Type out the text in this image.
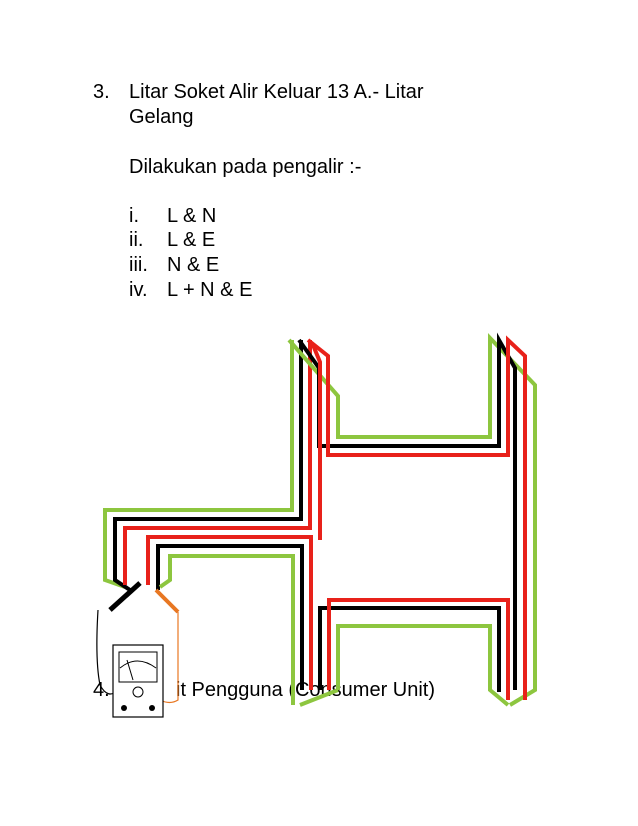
3. Litar Soket Alir Keluar 13 A.- Litar
Gelang
Dilakukan pada pengalir :-
i. L & N
ii. L & E
iii. N & E
iv. L + N & E
4.	it Pengguna (Consumer Unit)
